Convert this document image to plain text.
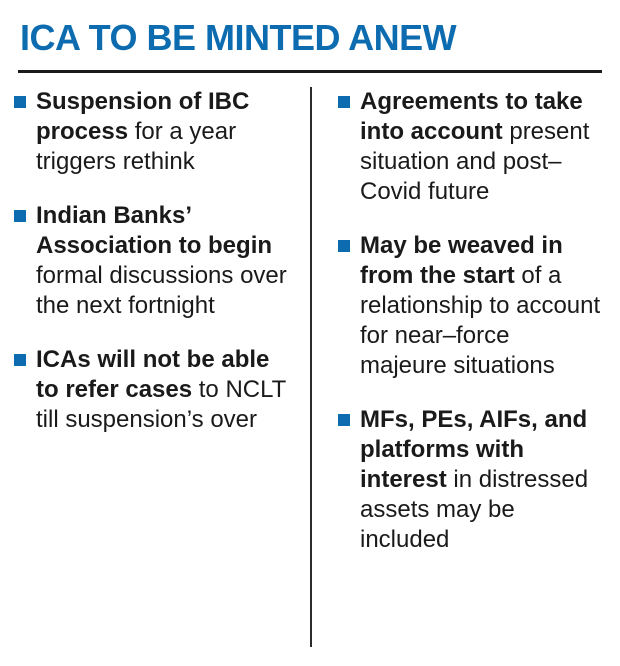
ICA TO BE MINTED ANEW
Suspension of IBC process for a year triggers rethink
Indian Banks’ Association to begin formal discussions over the next fortnight
ICAs will not be able to refer cases to NCLT till suspension’s over
Agreements to take into account present situation and post–Covid future
May be weaved in from the start of a relationship to account for near–force majeure situations
MFs, PEs, AIFs, and platforms with interest in distressed assets may be included
